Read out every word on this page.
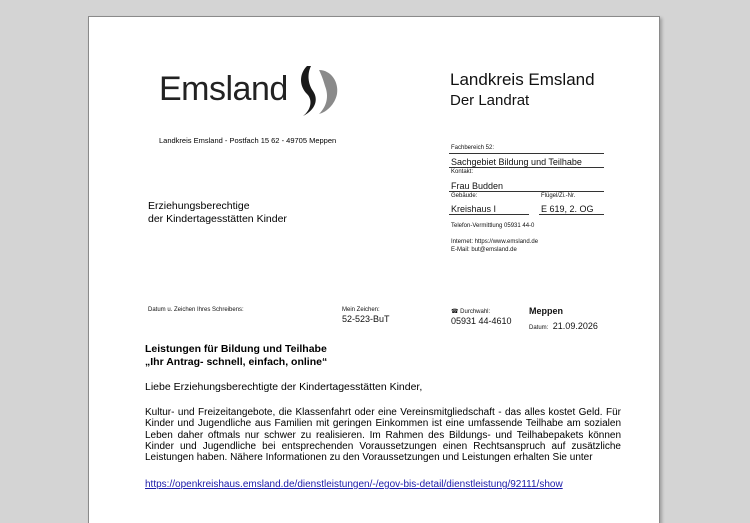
Emsland	Landkreis Emsland
Der Landrat
Landkreis Emsland - Postfach 15 62 - 49705 Meppen
Erziehungsberechtige
der Kindertagesstätten Kinder
Fachbereich 52:
Sachgebiet Bildung und Teilhabe
Kontakt:
Frau Budden
Gebäude:	Flügel/Zi.-Nr.
Kreishaus I	E 619, 2. OG
Telefon-Vermittlung 05931 44-0
Internet: https://www.emsland.de
E-Mail: but@emsland.de
Datum u. Zeichen Ihres Schreibens:	Mein Zeichen:
52-523-BuT
☎ Durchwahl:
05931 44-4610
Meppen
Datum: 21.09.2026
Leistungen für Bildung und Teilhabe
„Ihr Antrag- schnell, einfach, online“
Liebe Erziehungsberechtigte der Kindertagesstätten Kinder,
Kultur- und Freizeitangebote, die Klassenfahrt oder eine Vereinsmitgliedschaft - das alles kostet Geld. Für Kinder und Jugendliche aus Familien mit geringen Einkommen ist eine umfassende Teilhabe am sozialen Leben daher oftmals nur schwer zu realisieren. Im Rahmen des Bildungs- und Teilhabepakets können Kinder und Jugendliche bei entsprechenden Voraussetzungen einen Rechtsanspruch auf zusätzliche Leistungen haben. Nähere Informationen zu den Voraussetzungen und Leistungen erhalten Sie unter
https://openkreishaus.emsland.de/dienstleistungen/-/egov-bis-detail/dienstleistung/92111/show
